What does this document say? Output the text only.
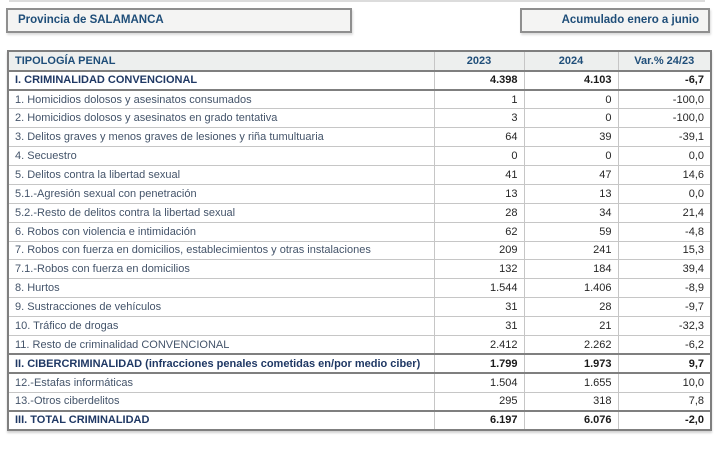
Provincia de SALAMANCA	Acumulado enero a junio
TIPOLOGÍA PENAL	2023	2024	Var.% 24/23
I. CRIMINALIDAD CONVENCIONAL	4.398	4.103	-6,7
1. Homicidios dolosos y asesinatos consumados	1	0	-100,0
2. Homicidios dolosos y asesinatos en grado tentativa	3	0	-100,0
3. Delitos graves y menos graves de lesiones y riña tumultuaria	64	39	-39,1
4. Secuestro	0	0	0,0
5. Delitos contra la libertad sexual	41	47	14,6
5.1.-Agresión sexual con penetración	13	13	0,0
5.2.-Resto de delitos contra la libertad sexual	28	34	21,4
6. Robos con violencia e intimidación	62	59	-4,8
7. Robos con fuerza en domicilios, establecimientos y otras instalaciones	209	241	15,3
7.1.-Robos con fuerza en domicilios	132	184	39,4
8. Hurtos	1.544	1.406	-8,9
9. Sustracciones de vehículos	31	28	-9,7
10. Tráfico de drogas	31	21	-32,3
11. Resto de criminalidad CONVENCIONAL	2.412	2.262	-6,2
II. CIBERCRIMINALIDAD (infracciones penales cometidas en/por medio ciber)	1.799	1.973	9,7
12.-Estafas informáticas	1.504	1.655	10,0
13.-Otros ciberdelitos	295	318	7,8
III. TOTAL CRIMINALIDAD	6.197	6.076	-2,0
